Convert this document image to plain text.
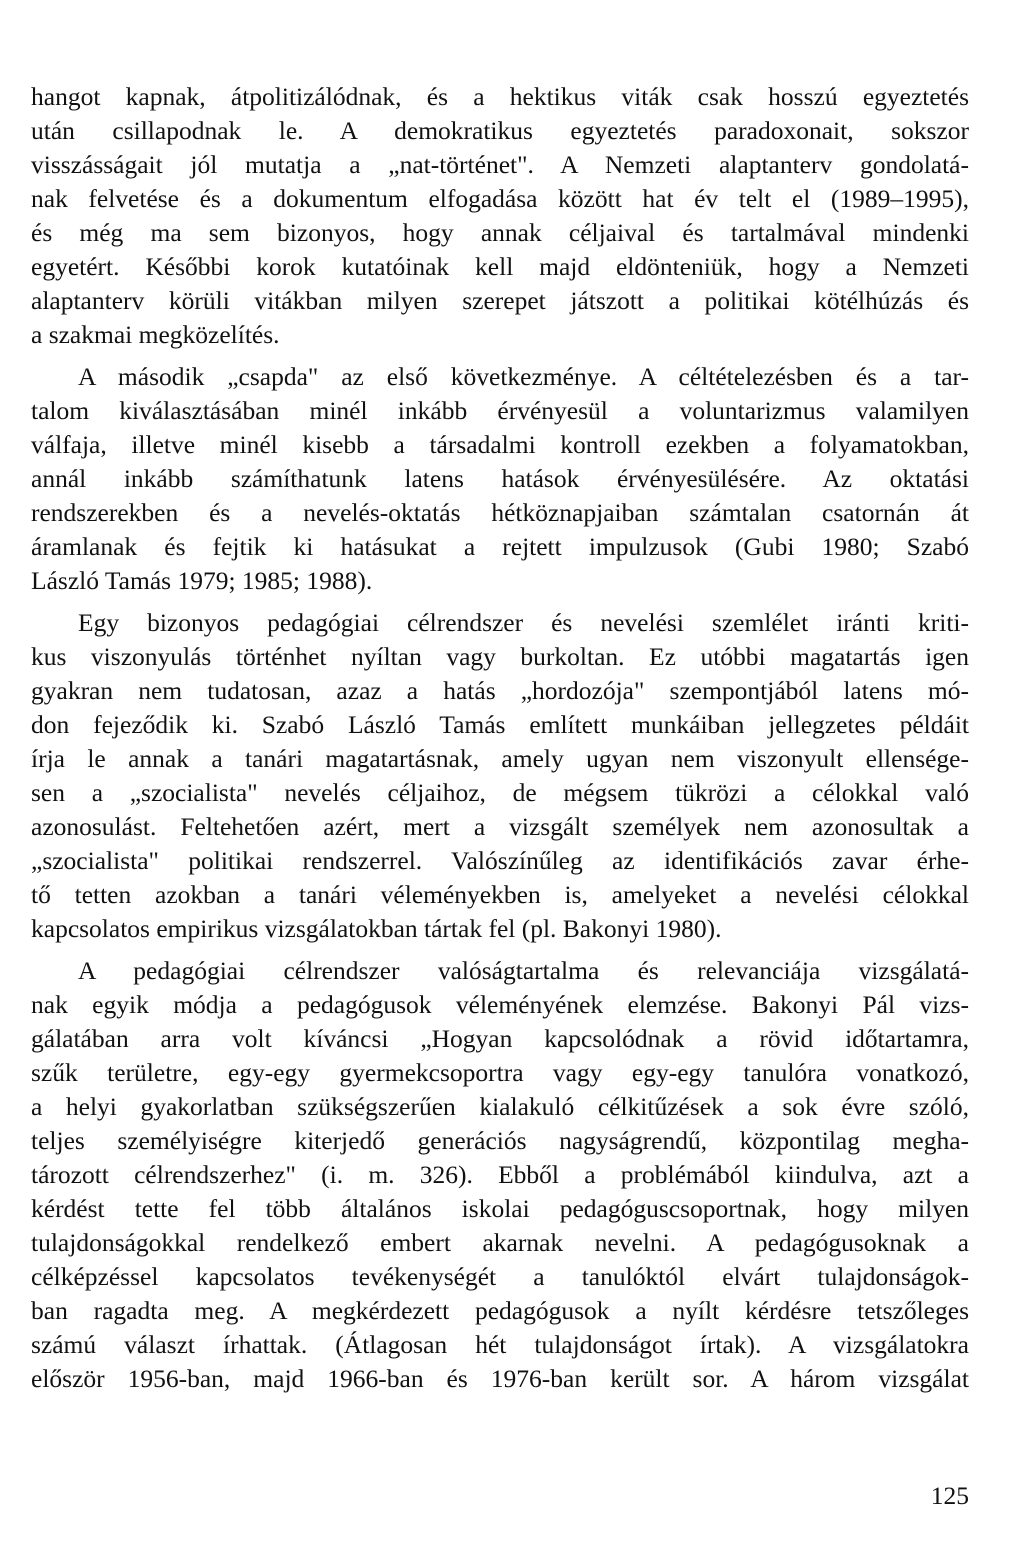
hangot kapnak, átpolitizálódnak, és a hektikus viták csak hosszú egyeztetés
után csillapodnak le. A demokratikus egyeztetés paradoxonait, sokszor
visszásságait jól mutatja a „nat-történet". A Nemzeti alaptanterv gondolatá-
nak felvetése és a dokumentum elfogadása között hat év telt el (1989–1995),
és még ma sem bizonyos, hogy annak céljaival és tartalmával mindenki
egyetért. Későbbi korok kutatóinak kell majd eldönteniük, hogy a Nemzeti
alaptanterv körüli vitákban milyen szerepet játszott a politikai kötélhúzás és
a szakmai megközelítés.
A második „csapda" az első következménye. A céltételezésben és a tar-
talom kiválasztásában minél inkább érvényesül a voluntarizmus valamilyen
válfaja, illetve minél kisebb a társadalmi kontroll ezekben a folyamatokban,
annál inkább számíthatunk latens hatások érvényesülésére. Az oktatási
rendszerekben és a nevelés-oktatás hétköznapjaiban számtalan csatornán át
áramlanak és fejtik ki hatásukat a rejtett impulzusok (Gubi 1980; Szabó
László Tamás 1979; 1985; 1988).
Egy bizonyos pedagógiai célrendszer és nevelési szemlélet iránti kriti-
kus viszonyulás történhet nyíltan vagy burkoltan. Ez utóbbi magatartás igen
gyakran nem tudatosan, azaz a hatás „hordozója" szempontjából latens mó-
don fejeződik ki. Szabó László Tamás említett munkáiban jellegzetes példáit
írja le annak a tanári magatartásnak, amely ugyan nem viszonyult ellensége-
sen a „szocialista" nevelés céljaihoz, de mégsem tükrözi a célokkal való
azonosulást. Feltehetően azért, mert a vizsgált személyek nem azonosultak a
„szocialista" politikai rendszerrel. Valószínűleg az identifikációs zavar érhe-
tő tetten azokban a tanári véleményekben is, amelyeket a nevelési célokkal
kapcsolatos empirikus vizsgálatokban tártak fel (pl. Bakonyi 1980).
A pedagógiai célrendszer valóságtartalma és relevanciája vizsgálatá-
nak egyik módja a pedagógusok véleményének elemzése. Bakonyi Pál vizs-
gálatában arra volt kíváncsi „Hogyan kapcsolódnak a rövid időtartamra,
szűk területre, egy-egy gyermekcsoportra vagy egy-egy tanulóra vonatkozó,
a helyi gyakorlatban szükségszerűen kialakuló célkitűzések a sok évre szóló,
teljes személyiségre kiterjedő generációs nagyságrendű, központilag megha-
tározott célrendszerhez" (i. m. 326). Ebből a problémából kiindulva, azt a
kérdést tette fel több általános iskolai pedagóguscsoportnak, hogy milyen
tulajdonságokkal rendelkező embert akarnak nevelni. A pedagógusoknak a
célképzéssel kapcsolatos tevékenységét a tanulóktól elvárt tulajdonságok-
ban ragadta meg. A megkérdezett pedagógusok a nyílt kérdésre tetszőleges
számú választ írhattak. (Átlagosan hét tulajdonságot írtak). A vizsgálatokra
először 1956-ban, majd 1966-ban és 1976-ban került sor. A három vizsgálat
125
